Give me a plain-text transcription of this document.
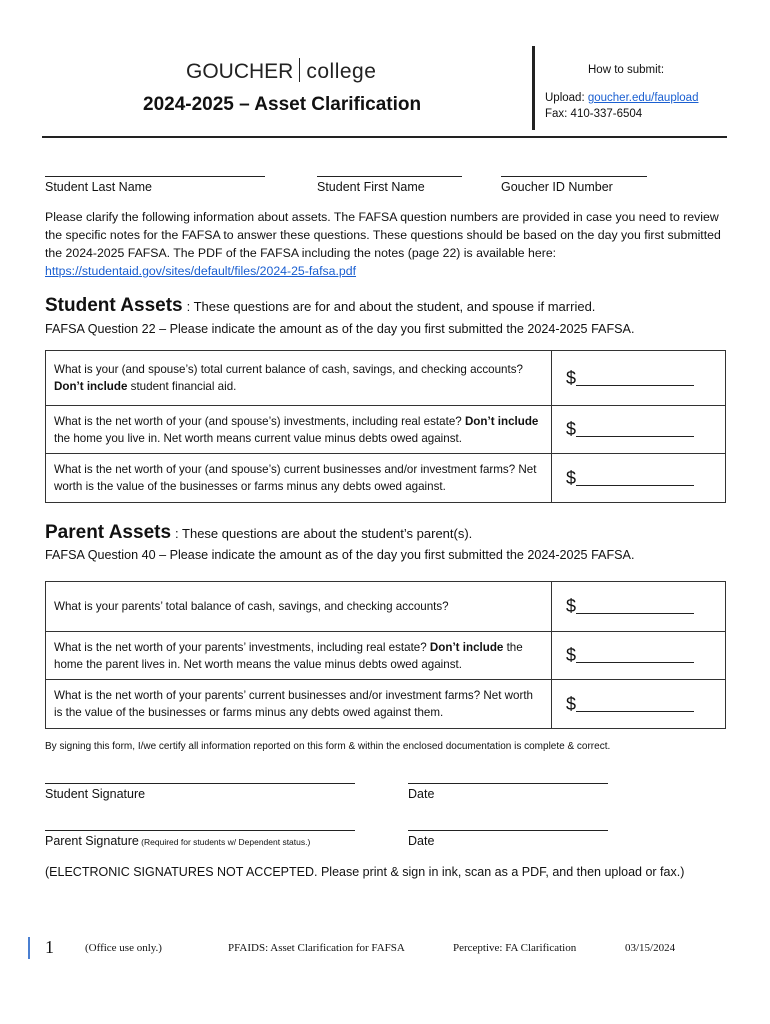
GOUCHER college
2024-2025 – Asset Clarification
How to submit:
Upload: goucher.edu/faupload
Fax: 410-337-6504
Student Last Name	Student First Name	Goucher ID Number
Please clarify the following information about assets. The FAFSA question numbers are provided in case you need to review the specific notes for the FAFSA to answer these questions. These questions should be based on the day you first submitted the 2024-2025 FAFSA. The PDF of the FAFSA including the notes (page 22) is available here: https://studentaid.gov/sites/default/files/2024-25-fafsa.pdf
Student Assets : These questions are for and about the student, and spouse if married.
FAFSA Question 22 – Please indicate the amount as of the day you first submitted the 2024-2025 FAFSA.
What is your (and spouse’s) total current balance of cash, savings, and checking accounts? Don’t include student financial aid.	$
What is the net worth of your (and spouse’s) investments, including real estate? Don’t include the home you live in. Net worth means current value minus debts owed against.	$
What is the net worth of your (and spouse’s) current businesses and/or investment farms? Net worth is the value of the businesses or farms minus any debts owed against.	$
Parent Assets : These questions are about the student’s parent(s).
FAFSA Question 40 – Please indicate the amount as of the day you first submitted the 2024-2025 FAFSA.
What is your parents’ total balance of cash, savings, and checking accounts?	$
What is the net worth of your parents’ investments, including real estate? Don’t include the home the parent lives in. Net worth means the value minus debts owed against.	$
What is the net worth of your parents’ current businesses and/or investment farms? Net worth is the value of the businesses or farms minus any debts owed against them.	$
By signing this form, I/we certify all information reported on this form & within the enclosed documentation is complete & correct.
Student Signature	Date
Parent Signature (Required for students w/ Dependent status.)	Date
(ELECTRONIC SIGNATURES NOT ACCEPTED. Please print & sign in ink, scan as a PDF, and then upload or fax.)
1	(Office use only.)	PFAIDS: Asset Clarification for FAFSA	Perceptive: FA Clarification	03/15/2024
